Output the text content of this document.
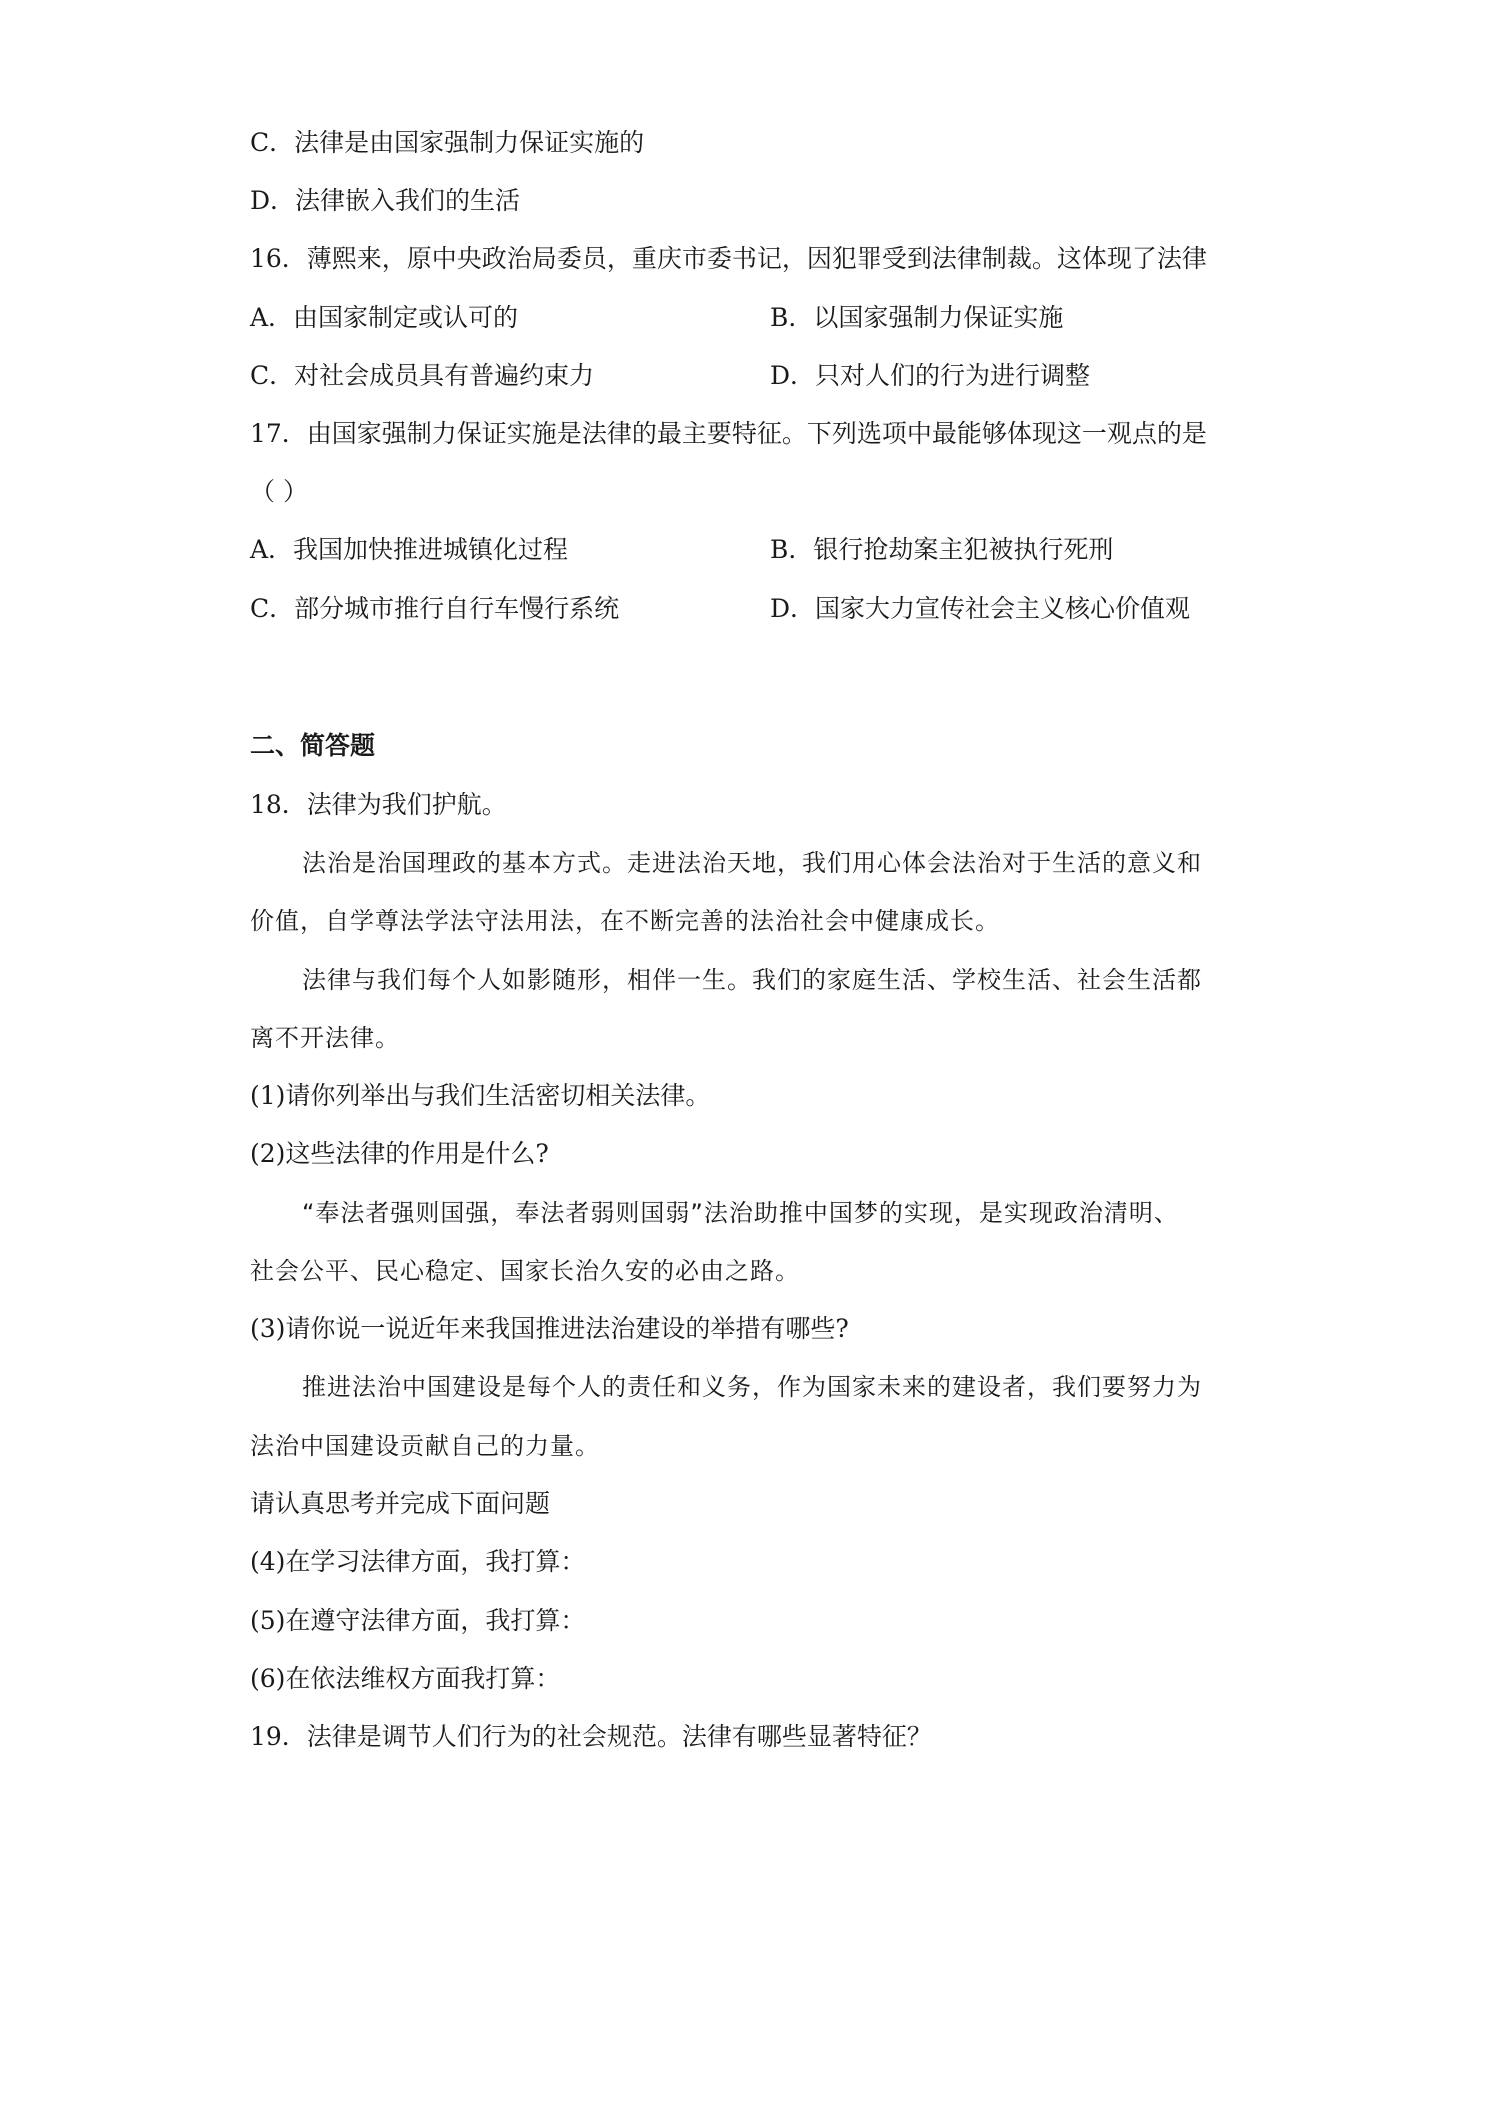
C．法律是由国家强制力保证实施的
D．法律嵌入我们的生活
16．薄熙来，原中央政治局委员，重庆市委书记，因犯罪受到法律制裁。这体现了法律
A．由国家制定或认可的	B．以国家强制力保证实施
C．对社会成员具有普遍约束力	D．只对人们的行为进行调整
17．由国家强制力保证实施是法律的最主要特征。下列选项中最能够体现这一观点的是
（ ）
A．我国加快推进城镇化过程	B．银行抢劫案主犯被执行死刑
C．部分城市推行自行车慢行系统	D．国家大力宣传社会主义核心价值观
二、简答题
18．法律为我们护航。
法治是治国理政的基本方式。走进法治天地，我们用心体会法治对于生活的意义和
价值，自学尊法学法守法用法，在不断完善的法治社会中健康成长。
法律与我们每个人如影随形，相伴一生。我们的家庭生活、学校生活、社会生活都
离不开法律。
(1)请你列举出与我们生活密切相关法律。
(2)这些法律的作用是什么?
“奉法者强则国强，奉法者弱则国弱”法治助推中国梦的实现，是实现政治清明、
社会公平、民心稳定、国家长治久安的必由之路。
(3)请你说一说近年来我国推进法治建设的举措有哪些?
推进法治中国建设是每个人的责任和义务，作为国家未来的建设者，我们要努力为
法治中国建设贡献自己的力量。
请认真思考并完成下面问题
(4)在学习法律方面，我打算：
(5)在遵守法律方面，我打算：
(6)在依法维权方面我打算：
19．法律是调节人们行为的社会规范。法律有哪些显著特征？
